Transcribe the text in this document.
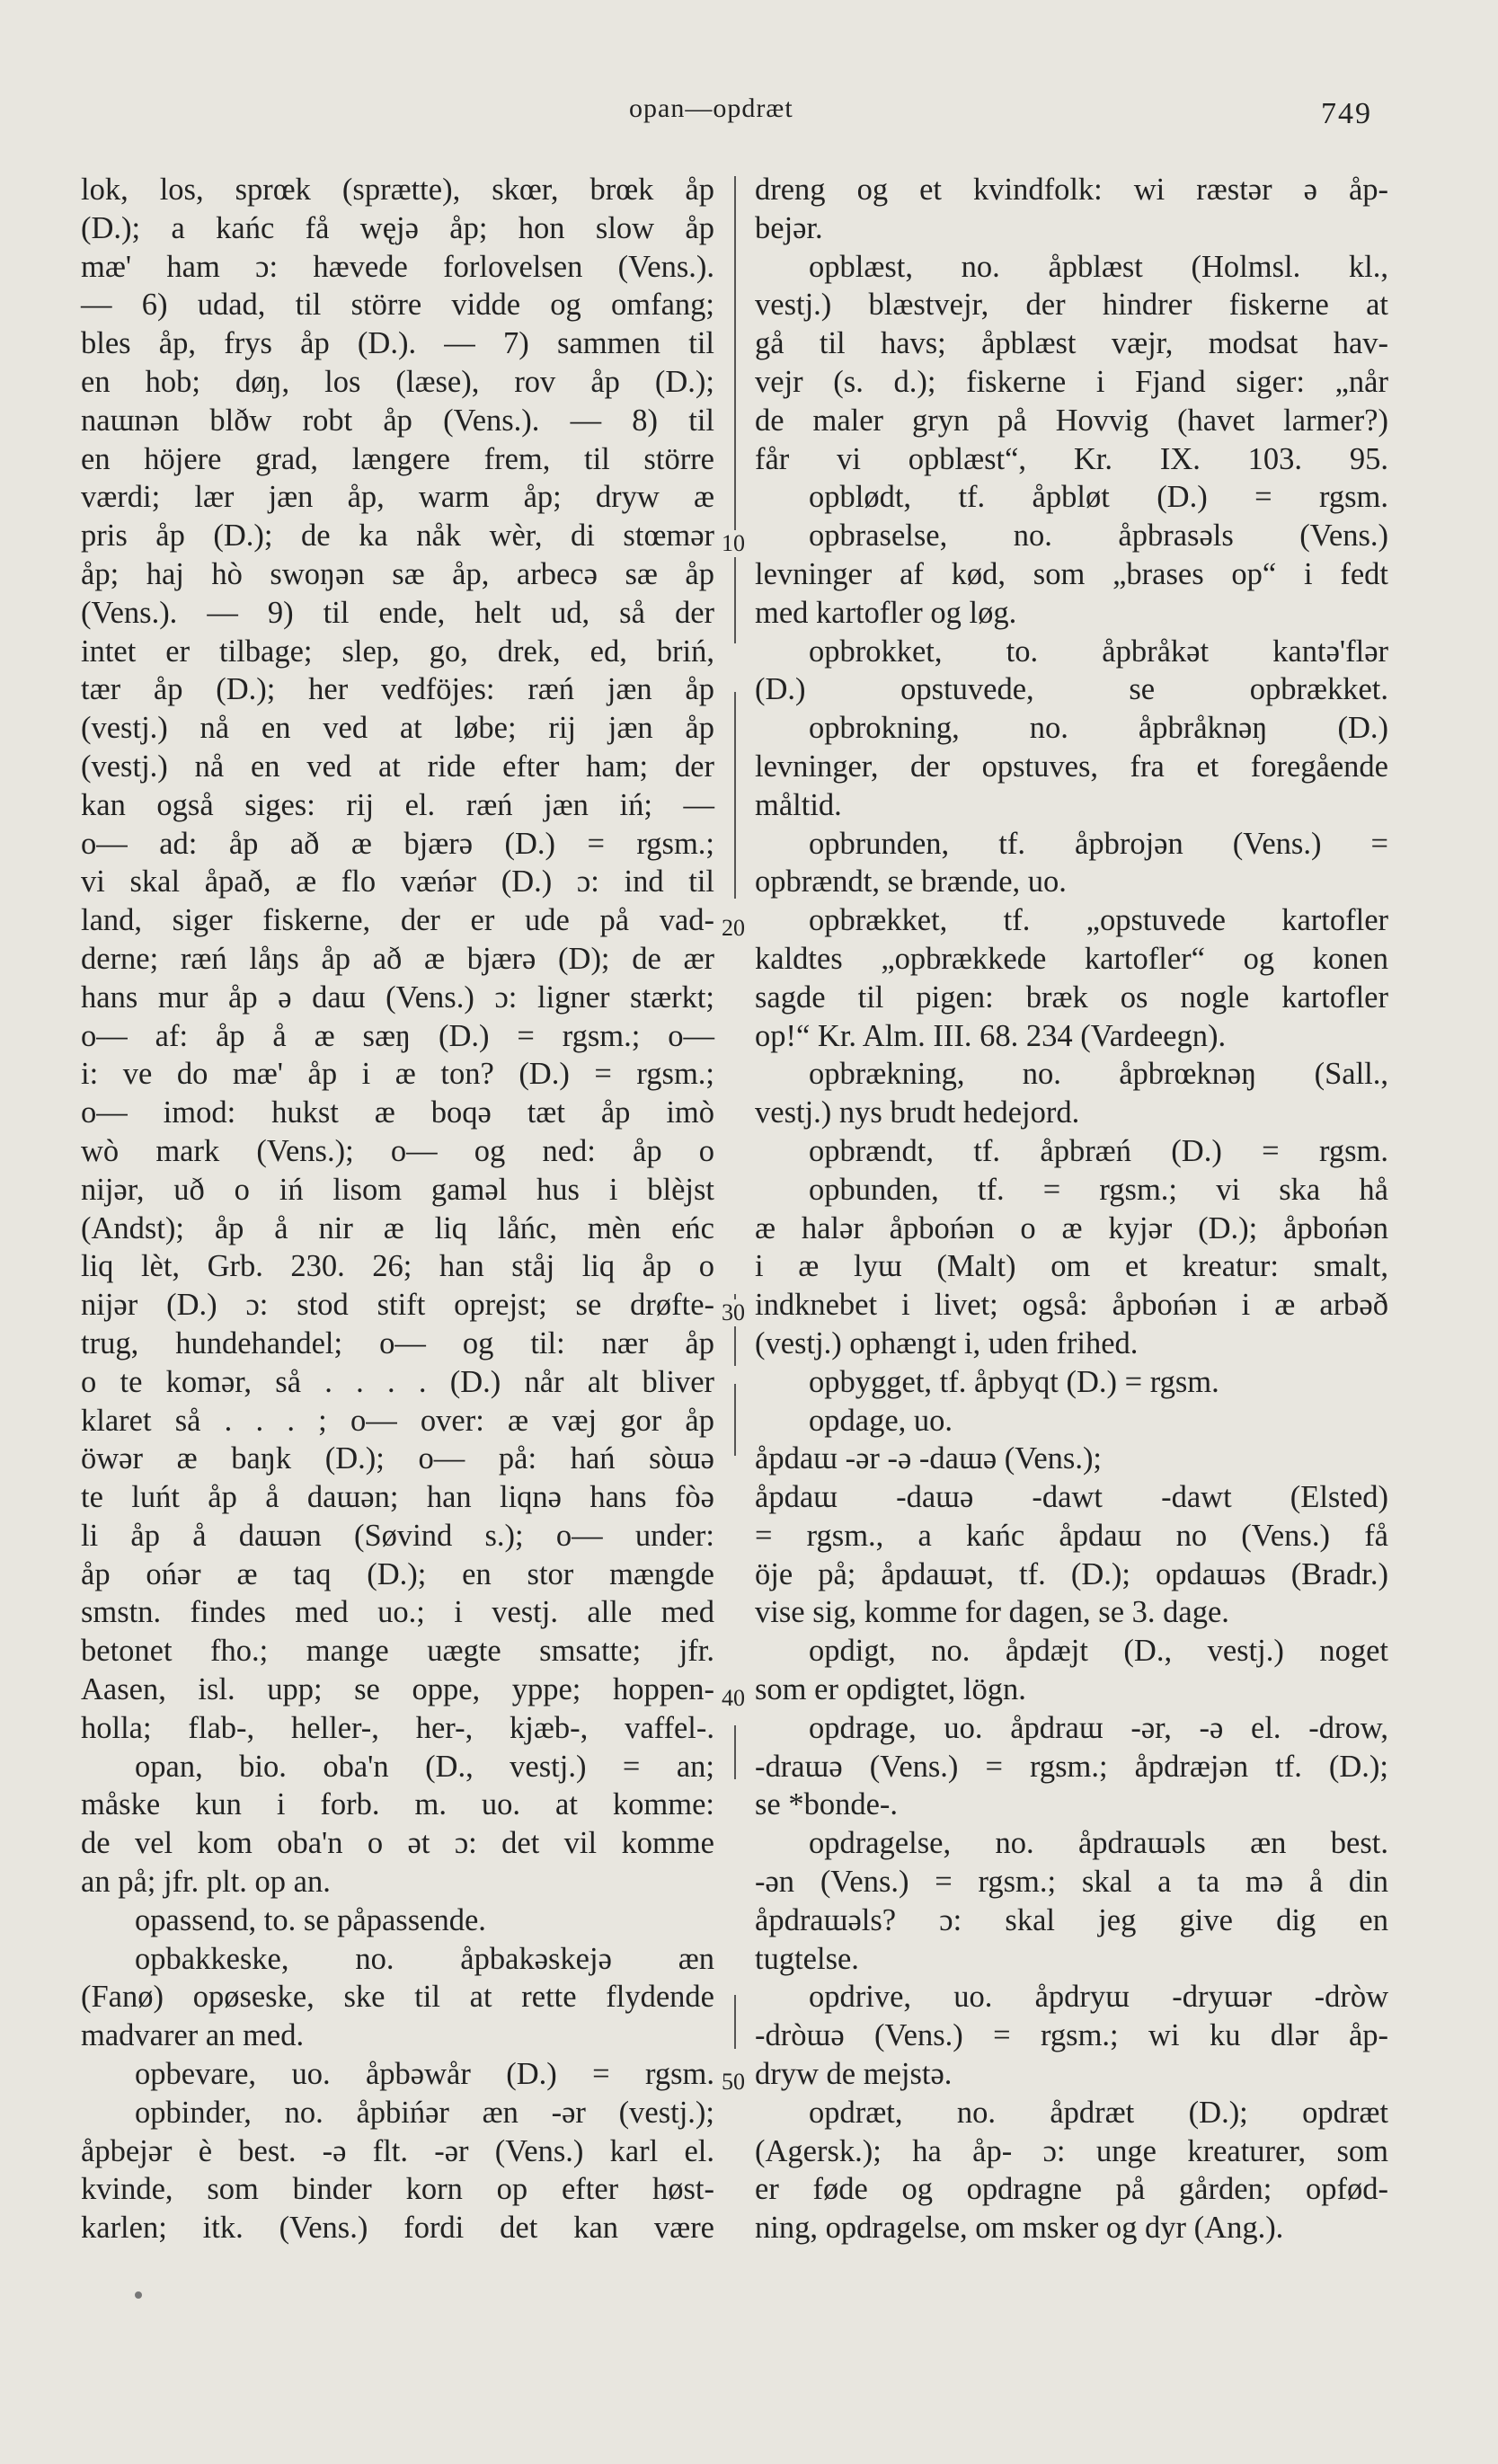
opan—opdræt	749
lok, los, sprœk (sprætte), skœr, brœk åp
(D.); a kańc få węjə åp; hon slow åp
mæ' ham ɔ: hævede forlovelsen (Vens.).
— 6) udad, til större vidde og omfang;
bles åp, frys åp (D.). — 7) sammen til
en hob; døŋ, los (læse), rov åp (D.);
naɯnən blðw robt åp (Vens.). — 8) til
en höjere grad, længere frem, til större
værdi; lær jæn åp, warm åp; dryw æ
pris åp (D.); de ka nåk wèr, di stœmər
åp; haj hò swoŋən sæ åp, arbecə sæ åp
(Vens.). — 9) til ende, helt ud, så der
intet er tilbage; slep, go, drek, ed, briń,
tær åp (D.); her vedföjes: ræń jæn åp
(vestj.) nå en ved at løbe; rij jæn åp
(vestj.) nå en ved at ride efter ham; der
kan også siges: rij el. ræń jæn iń; —
o— ad: åp að æ bjærə (D.) = rgsm.;
vi skal åpað, æ flo væńər (D.) ɔ: ind til
land, siger fiskerne, der er ude på vad-
derne; ræń låŋs åp að æ bjærə (D); de ær
hans mur åp ə daɯ (Vens.) ɔ: ligner stærkt;
o— af: åp å æ sæŋ (D.) = rgsm.; o—
i: ve do mæ' åp i æ ton? (D.) = rgsm.;
o— imod: hukst æ boqə tæt åp imò
wò mark (Vens.); o— og ned: åp o
nijər, uð o iń lisom gaməl hus i blèjst
(Andst); åp å nir æ liq låńc, mèn eńc
liq lèt, Grb. 230. 26; han ståj liq åp o
nijər (D.) ɔ: stod stift oprejst; se drøfte-
trug, hundehandel; o— og til: nær åp
o te komər, så . . . . (D.) når alt bliver
klaret så . . . ; o— over: æ væj gor åp
öwər æ baŋk (D.); o— på: hań sòɯə
te luńt åp å daɯən; han liqnə hans fòə
li åp å daɯən (Søvind s.); o— under:
åp ońər æ taq (D.); en stor mængde
smstn. findes med uo.; i vestj. alle med
betonet fho.; mange uægte smsatte; jfr.
Aasen, isl. upp; se oppe, yppe; hoppen-
holla; flab-, heller-, her-, kjæb-, vaffel-.
opan, bio. oba'n (D., vestj.) = an;
måske kun i forb. m. uo. at komme:
de vel kom oba'n o ət ɔ: det vil komme
an på; jfr. plt. op an.
opassend, to. se påpassende.
opbakkeske, no. åpbakəskejə æn
(Fanø) opøseske, ske til at rette flydende
madvarer an med.
opbevare, uo. åpbəwår (D.) = rgsm.
opbinder, no. åpbińər æn -ər (vestj.);
åpbejər è best. -ə flt. -ər (Vens.) karl el.
kvinde, som binder korn op efter høst-
karlen; itk. (Vens.) fordi det kan være
dreng og et kvindfolk: wi ræstər ə åp-
bejər.
opblæst, no. åpblæst (Holmsl. kl.,
vestj.) blæstvejr, der hindrer fiskerne at
gå til havs; åpblæst væjr, modsat hav-
vejr (s. d.); fiskerne i Fjand siger: „når
de maler gryn på Hovvig (havet larmer?)
får vi opblæst“, Kr. IX. 103. 95.
opblødt, tf. åpbløt (D.) = rgsm.
opbraselse, no. åpbrasəls (Vens.)
levninger af kød, som „brases op“ i fedt
med kartofler og løg.
opbrokket, to. åpbråkət kantə'flər
(D.) opstuvede, se opbrækket.
opbrokning, no. åpbråknəŋ (D.)
levninger, der opstuves, fra et foregående
måltid.
opbrunden, tf. åpbrojən (Vens.) =
opbrændt, se brænde, uo.
opbrækket, tf. „opstuvede kartofler
kaldtes „opbrækkede kartofler“ og konen
sagde til pigen: bræk os nogle kartofler
op!“ Kr. Alm. III. 68. 234 (Vardeegn).
opbrækning, no. åpbrœknəŋ (Sall.,
vestj.) nys brudt hedejord.
opbrændt, tf. åpbræń (D.) = rgsm.
opbunden, tf. = rgsm.; vi ska hå
æ halər åpbońən o æ kyjər (D.); åpbońən
i æ lyɯ (Malt) om et kreatur: smalt,
indknebet i livet; også: åpbońən i æ arbəð
(vestj.) ophængt i, uden frihed.
opbygget, tf. åpbyqt (D.) = rgsm.
opdage, uo.
åpdaɯ -ər -ə -daɯə (Vens.);
åpdaɯ -daɯə -dawt -dawt (Elsted)
= rgsm., a kańc åpdaɯ no (Vens.) få
öje på; åpdaɯət, tf. (D.); opdaɯəs (Bradr.)
vise sig, komme for dagen, se 3. dage.
opdigt, no. åpdæjt (D., vestj.) noget
som er opdigtet, lögn.
opdrage, uo. åpdraɯ -ər, -ə el. -drow,
-draɯə (Vens.) = rgsm.; åpdræjən tf. (D.);
se *bonde-.
opdragelse, no. åpdraɯəls æn best.
-ən (Vens.) = rgsm.; skal a ta mə å din
åpdraɯəls? ɔ: skal jeg give dig en
tugtelse.
opdrive, uo. åpdryɯ -dryɯər -dròw
-dròɯə (Vens.) = rgsm.; wi ku dlər åp-
dryw de mejstə.
opdræt, no. åpdræt (D.); opdræt
(Agersk.); ha åp- ɔ: unge kreaturer, som
er føde og opdragne på gården; opfød-
ning, opdragelse, om msker og dyr (Ang.).
10
20
30
40
50
